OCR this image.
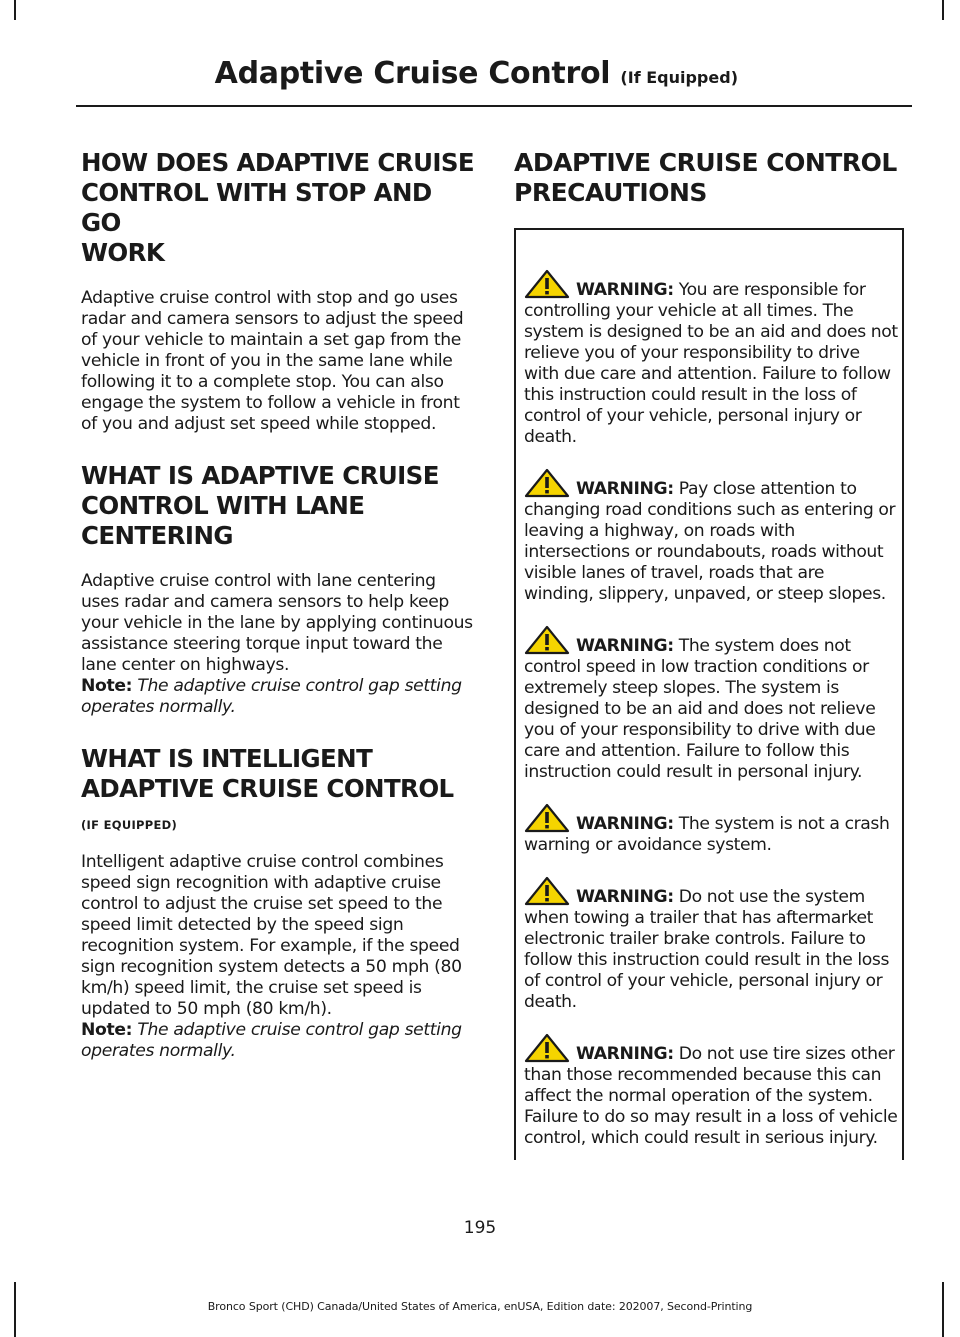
Adaptive Cruise Control (If Equipped)
HOW DOES ADAPTIVE CRUISE
CONTROL WITH STOP AND GO
WORK

Adaptive cruise control with stop and go uses radar and camera sensors to adjust the speed of your vehicle to maintain a set gap from the vehicle in front of you in the same lane while following it to a complete stop. You can also engage the system to follow a vehicle in front of you and adjust set speed while stopped.

WHAT IS ADAPTIVE CRUISE
CONTROL WITH LANE
CENTERING

Adaptive cruise control with lane centering uses radar and camera sensors to help keep your vehicle in the lane by applying continuous assistance steering torque input toward the lane center on highways.

Note: The adaptive cruise control gap setting operates normally.

WHAT IS INTELLIGENT
ADAPTIVE CRUISE CONTROL
(IF EQUIPPED)

Intelligent adaptive cruise control combines speed sign recognition with adaptive cruise control to adjust the cruise set speed to the speed limit detected by the speed sign recognition system. For example, if the speed sign recognition system detects a 50 mph (80 km/h) speed limit, the cruise set speed is updated to 50 mph (80 km/h).

Note: The adaptive cruise control gap setting operates normally.

ADAPTIVE CRUISE CONTROL
PRECAUTIONS

WARNING: You are responsible for controlling your vehicle at all times. The system is designed to be an aid and does not relieve you of your responsibility to drive with due care and attention. Failure to follow this instruction could result in the loss of control of your vehicle, personal injury or death.

WARNING: Pay close attention to changing road conditions such as entering or leaving a highway, on roads with intersections or roundabouts, roads without visible lanes of travel, roads that are winding, slippery, unpaved, or steep slopes.

WARNING: The system does not control speed in low traction conditions or extremely steep slopes. The system is designed to be an aid and does not relieve you of your responsibility to drive with due care and attention. Failure to follow this instruction could result in personal injury.

WARNING: The system is not a crash warning or avoidance system.

WARNING: Do not use the system when towing a trailer that has aftermarket electronic trailer brake controls. Failure to follow this instruction could result in the loss of control of your vehicle, personal injury or death.

WARNING: Do not use tire sizes other than those recommended because this can affect the normal operation of the system. Failure to do so may result in a loss of vehicle control, which could result in serious injury.

195
Bronco Sport (CHD) Canada/United States of America, enUSA, Edition date: 202007, Second-Printing
